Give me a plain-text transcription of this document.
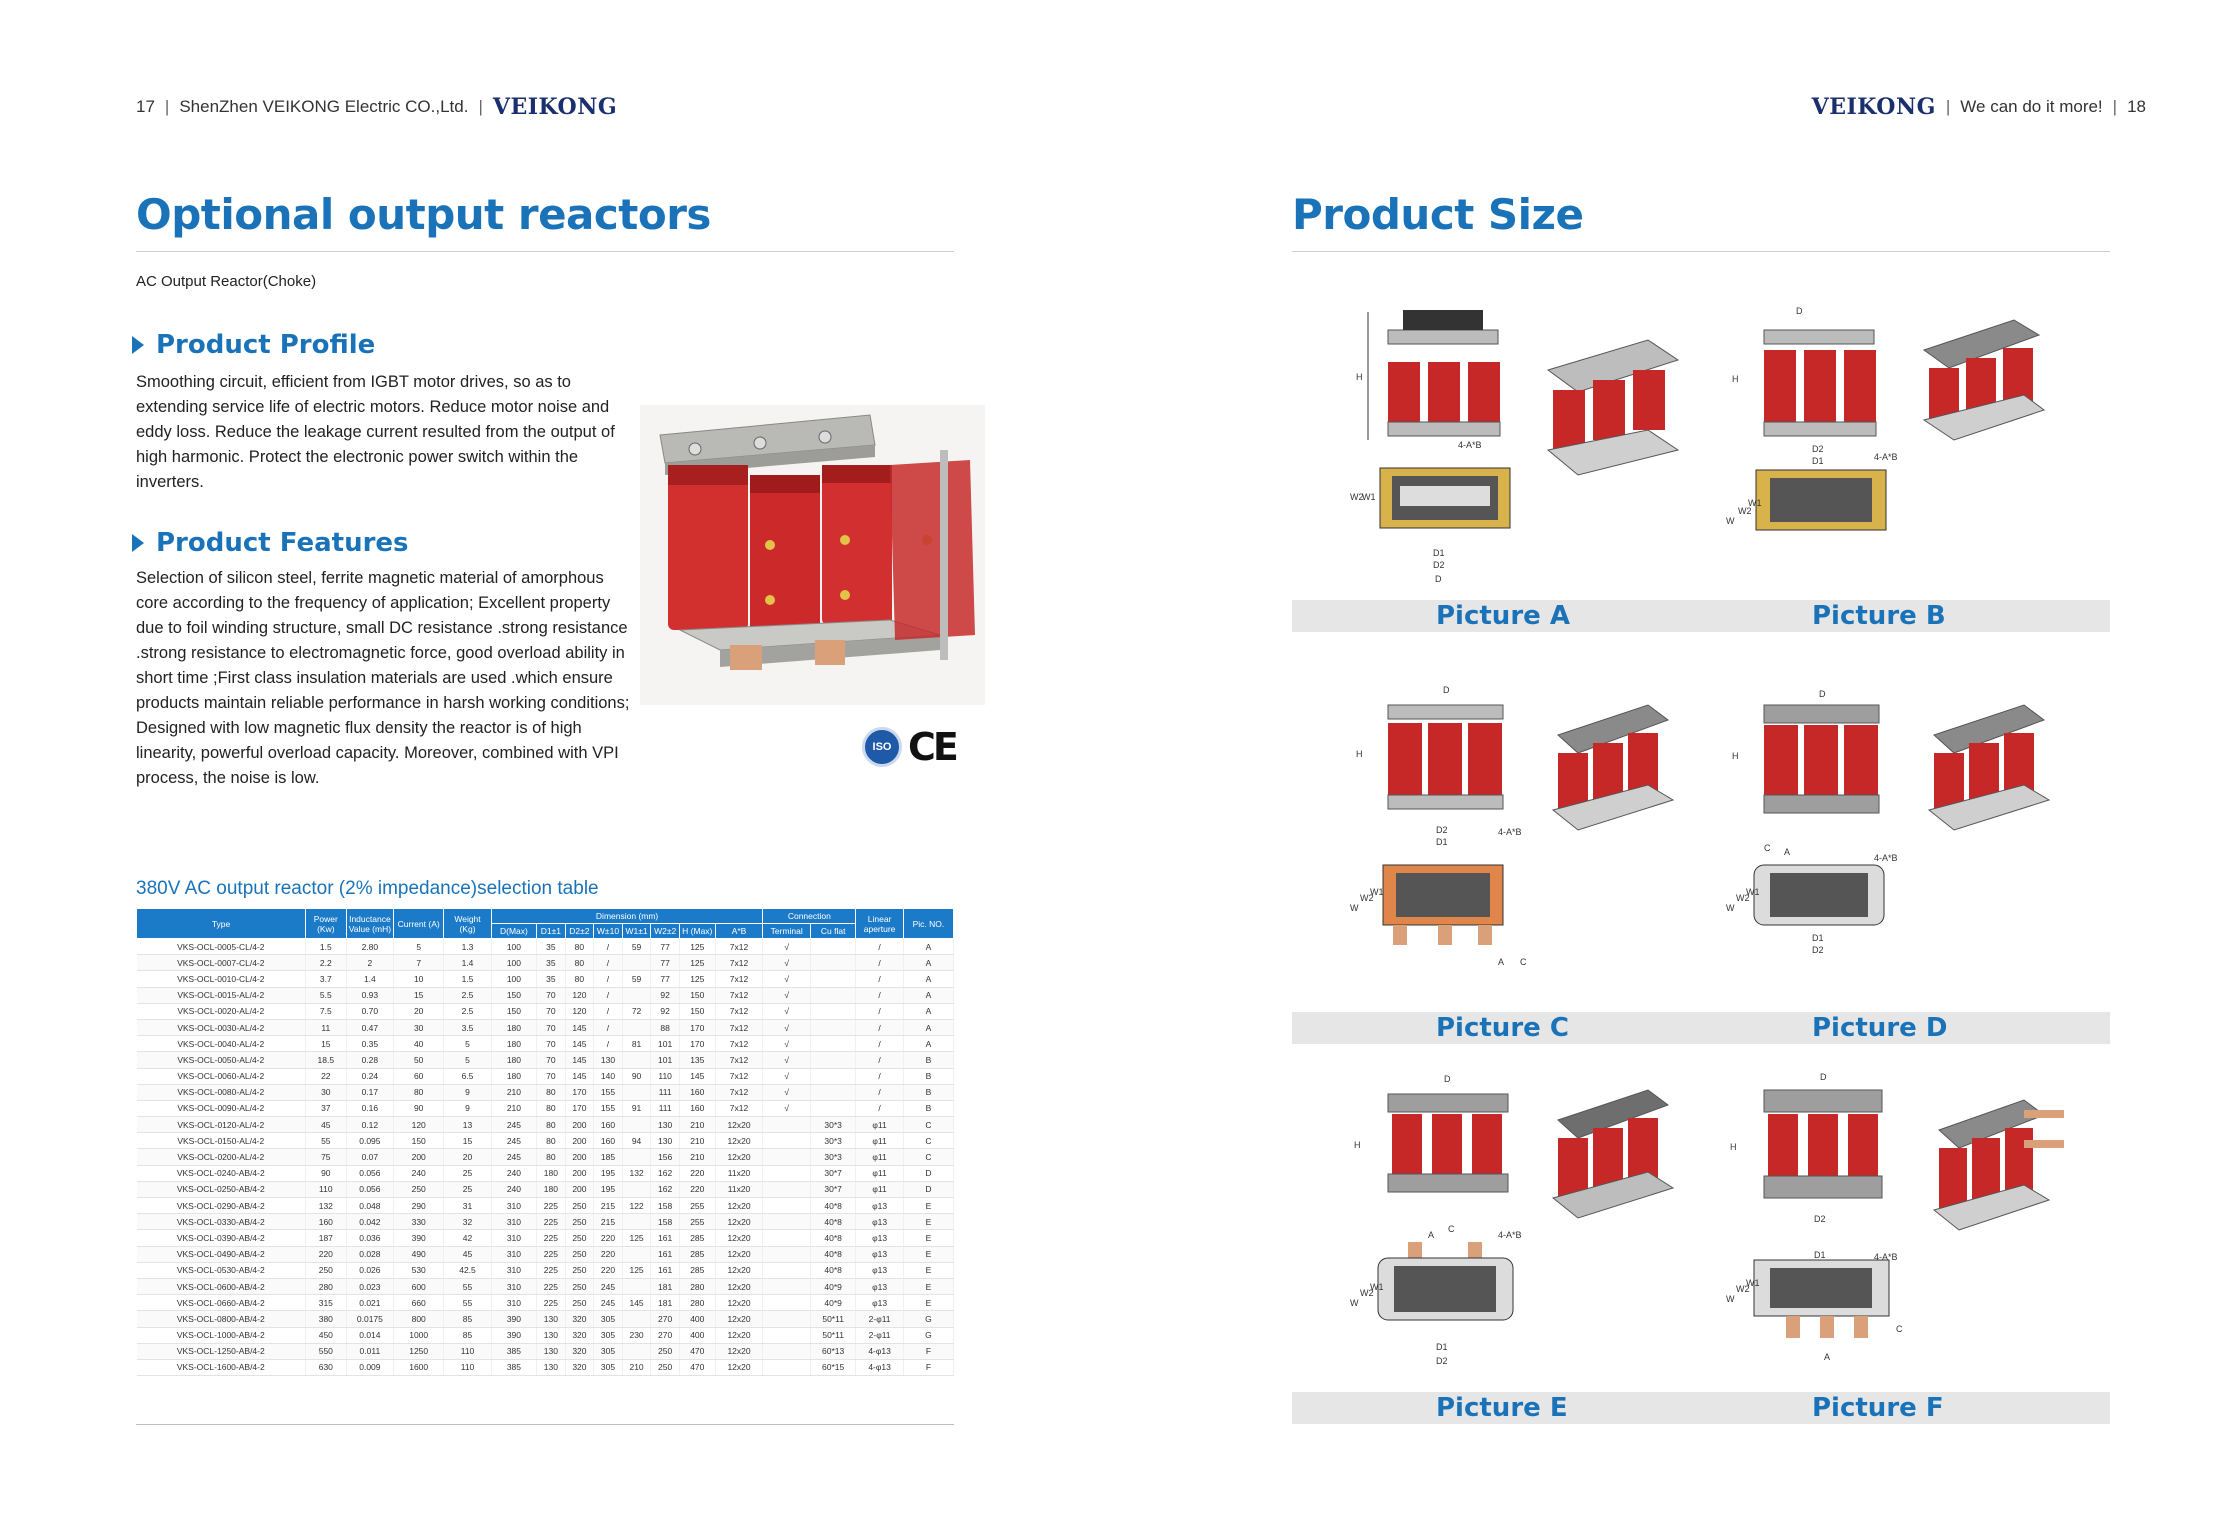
17 | ShenZhen VEIKONG Electric CO.,Ltd. | VEIKONG
Optional output reactors
AC Output Reactor(Choke)
Product Profile
Smoothing circuit, efficient from IGBT motor drives, so as to extending service life of electric motors. Reduce motor noise and eddy loss. Reduce the leakage current resulted from the output of high harmonic. Protect the electronic power switch within the inverters.
Product Features
Selection of silicon steel, ferrite magnetic material of amorphous core according to the frequency of application; Excellent property due to foil winding structure, small DC resistance .strong resistance .strong resistance to electromagnetic force, good overload ability in short time ;First class insulation materials are used .which ensure products maintain reliable performance in harsh working conditions; Designed with low magnetic flux density the reactor is of high linearity, powerful overload capacity. Moreover, combined with VPI process, the noise is low.
ISO CE
380V AC output reactor (2% impedance)selection table
Type	Power (Kw)	Inductance Value (mH)	Current (A)	Weight (Kg)	Dimension (mm)								Connection		Linear aperture	Pic. NO.
					D(Max)	D1±1	D2±2	W±10	W1±1	W2±2	H (Max)	A*B	Terminal	Cu flat		
VKS-OCL-0005-CL/4-2	1.5	2.80	5	1.3	100	35	80	/	59	77	125	7x12	√		/	A
VKS-OCL-0007-CL/4-2	2.2	2	7	1.4	100	35	80	/		77	125	7x12	√		/	A
VKS-OCL-0010-CL/4-2	3.7	1.4	10	1.5	100	35	80	/	59	77	125	7x12	√		/	A
VKS-OCL-0015-AL/4-2	5.5	0.93	15	2.5	150	70	120	/		92	150	7x12	√		/	A
VKS-OCL-0020-AL/4-2	7.5	0.70	20	2.5	150	70	120	/	72	92	150	7x12	√		/	A
VKS-OCL-0030-AL/4-2	11	0.47	30	3.5	180	70	145	/		88	170	7x12	√		/	A
VKS-OCL-0040-AL/4-2	15	0.35	40	5	180	70	145	/	81	101	170	7x12	√		/	A
VKS-OCL-0050-AL/4-2	18.5	0.28	50	5	180	70	145	130		101	135	7x12	√		/	B
VKS-OCL-0060-AL/4-2	22	0.24	60	6.5	180	70	145	140	90	110	145	7x12	√		/	B
VKS-OCL-0080-AL/4-2	30	0.17	80	9	210	80	170	155		111	160	7x12	√		/	B
VKS-OCL-0090-AL/4-2	37	0.16	90	9	210	80	170	155	91	111	160	7x12	√		/	B
VKS-OCL-0120-AL/4-2	45	0.12	120	13	245	80	200	160		130	210	12x20		30*3	φ11	C
VKS-OCL-0150-AL/4-2	55	0.095	150	15	245	80	200	160	94	130	210	12x20		30*3	φ11	C
VKS-OCL-0200-AL/4-2	75	0.07	200	20	245	80	200	185		156	210	12x20		30*3	φ11	C
VKS-OCL-0240-AB/4-2	90	0.056	240	25	240	180	200	195	132	162	220	11x20		30*7	φ11	D
VKS-OCL-0250-AB/4-2	110	0.056	250	25	240	180	200	195		162	220	11x20		30*7	φ11	D
VKS-OCL-0290-AB/4-2	132	0.048	290	31	310	225	250	215	122	158	255	12x20		40*8	φ13	E
VKS-OCL-0330-AB/4-2	160	0.042	330	32	310	225	250	215		158	255	12x20		40*8	φ13	E
VKS-OCL-0390-AB/4-2	187	0.036	390	42	310	225	250	220	125	161	285	12x20		40*8	φ13	E
VKS-OCL-0490-AB/4-2	220	0.028	490	45	310	225	250	220		161	285	12x20		40*8	φ13	E
VKS-OCL-0530-AB/4-2	250	0.026	530	42.5	310	225	250	220	125	161	285	12x20		40*8	φ13	E
VKS-OCL-0600-AB/4-2	280	0.023	600	55	310	225	250	245		181	280	12x20		40*9	φ13	E
VKS-OCL-0660-AB/4-2	315	0.021	660	55	310	225	250	245	145	181	280	12x20		40*9	φ13	E
VKS-OCL-0800-AB/4-2	380	0.0175	800	85	390	130	320	305		270	400	12x20		50*11	2-φ11	G
VKS-OCL-1000-AB/4-2	450	0.014	1000	85	390	130	320	305	230	270	400	12x20		50*11	2-φ11	G
VKS-OCL-1250-AB/4-2	550	0.011	1250	110	385	130	320	305		250	470	12x20		60*13	4-φ13	F
VKS-OCL-1600-AB/4-2	630	0.009	1600	110	385	130	320	305	210	250	470	12x20		60*15	4-φ13	F
VEIKONG | We can do it more! | 18
Product Size
H
4-A*B
D1
D2
D
W2
W1
D
H
4-A*B
D2
D1
W
W2
W1
Picture A	Picture B
D
H
4-A*B
D2
D1
W
W2
W1
A C
D
H
4-A*B
C A
D1
D2
W
W2
W1
Picture C	Picture D
D
H
4-A*B
C
A
D1
D2
W
W2
W1
D
H
D2
4-A*B
D1
C
A
W
W2
W1
Picture E	Picture F
